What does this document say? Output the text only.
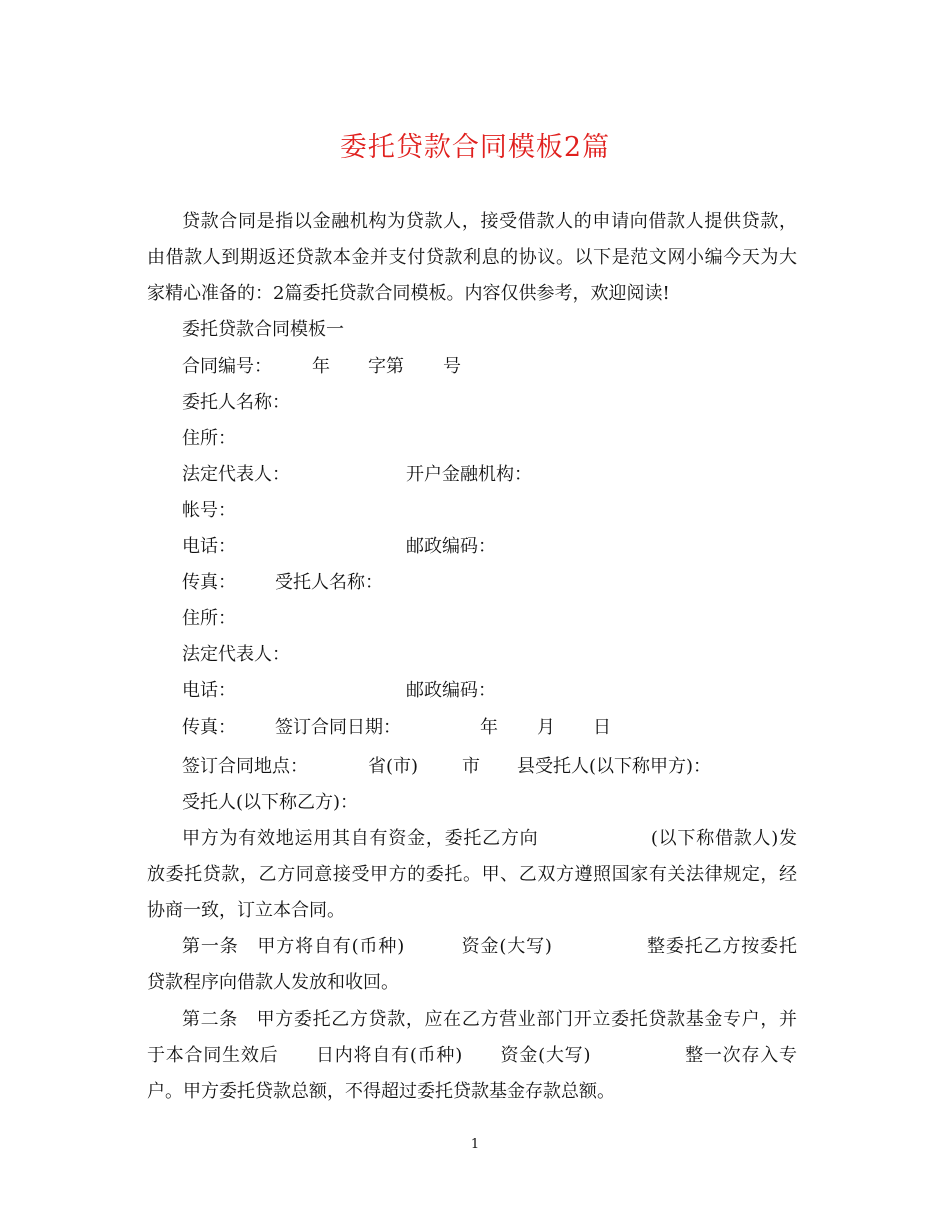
委托贷款合同模板2篇
贷款合同是指以金融机构为贷款人，接受借款人的申请向借款人提供贷款，
由借款人到期返还贷款本金并支付贷款利息的协议。以下是范文网小编今天为大
家精心准备的：2篇委托贷款合同模板。内容仅供参考，欢迎阅读!
委托贷款合同模板一
合同编号： 年 字第 号
委托人名称：
住所：
法定代表人：	开户金融机构：
帐号：
电话：	邮政编码：
传真： 受托人名称：
住所：
法定代表人：
电话：	邮政编码：
传真： 签订合同日期：	年 月 日
签订合同地点：	省(市) 市 县受托人(以下称甲方)：
受托人(以下称乙方)：
甲方为有效地运用其自有资金，委托乙方向　　　　　　(以下称借款人)发
放委托贷款，乙方同意接受甲方的委托。甲、乙双方遵照国家有关法律规定，经
协商一致，订立本合同。
第一条　甲方将自有(币种)　　　资金(大写)　　　　　整委托乙方按委托
贷款程序向借款人发放和收回。
第二条　甲方委托乙方贷款，应在乙方营业部门开立委托贷款基金专户，并
于本合同生效后　　日内将自有(币种)　　资金(大写)　　　　　整一次存入专
户。甲方委托贷款总额，不得超过委托贷款基金存款总额。
1
